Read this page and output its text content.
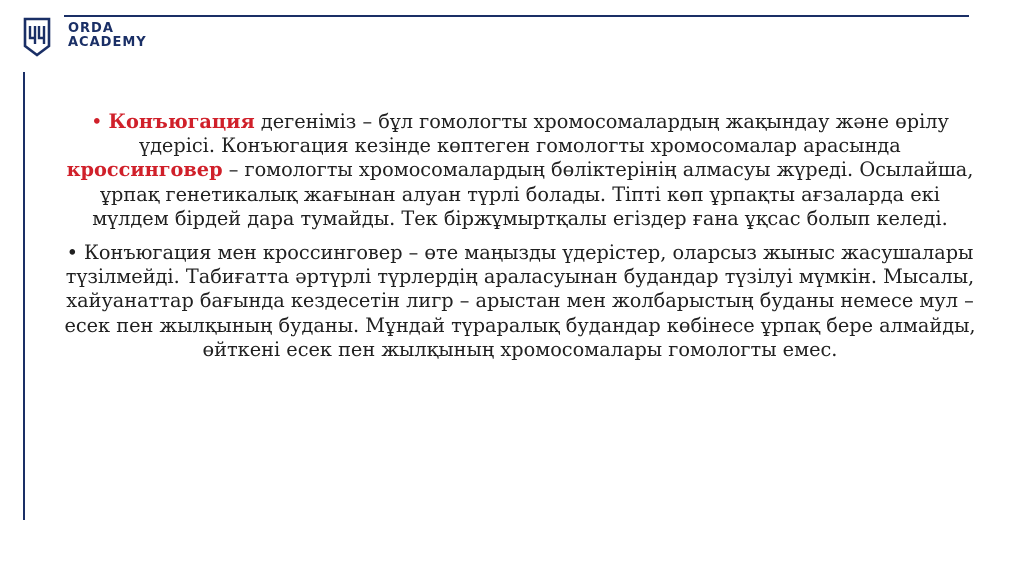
ORDA
ACADEMY

• Конъюгация дегеніміз – бұл гомологты хромосомалардың жақындау және өрілу үдерісі. Конъюгация кезінде көптеген гомологты хромосомалар арасында кроссинговер – гомологты хромосомалардың бөліктерінің алмасуы жүреді. Осылайша, ұрпақ генетикалық жағынан алуан түрлі болады. Тіпті көп ұрпақты ағзаларда екі мүлдем бірдей дара тумайды. Тек біржұмыртқалы егіздер ғана ұқсас болып келеді.

• Конъюгация мен кроссинговер – өте маңызды үдерістер, оларсыз жыныс жасушалары түзілмейді. Табиғатта әртүрлі түрлердің араласуынан будандар түзілуі мүмкін. Мысалы, хайуанаттар бағында кездесетін лигр – арыстан мен жолбарыстың буданы немесе мул – есек пен жылқының буданы. Мұндай түраралық будандар көбінесе ұрпақ бере алмайды, өйткені есек пен жылқының хромосомалары гомологты емес.
